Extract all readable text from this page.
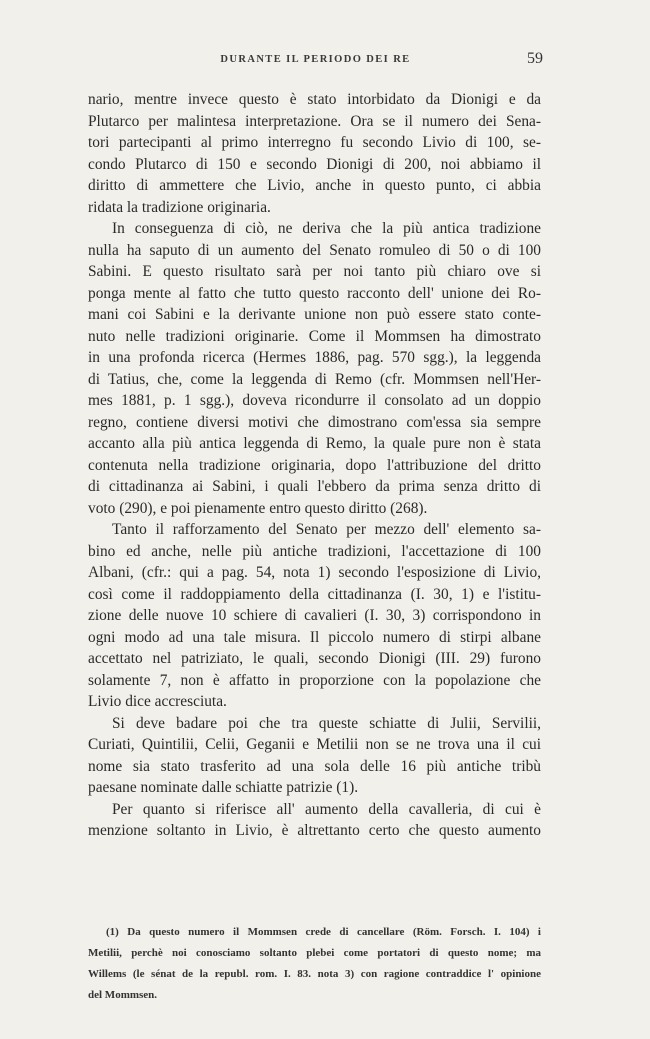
DURANTE IL PERIODO DEI RE	59
nario, mentre invece questo è stato intorbidato da Dionigi e da
Plutarco per malintesa interpretazione. Ora se il numero dei Sena-
tori partecipanti al primo interregno fu secondo Livio di 100, se-
condo Plutarco di 150 e secondo Dionigi di 200, noi abbiamo il
diritto di ammettere che Livio, anche in questo punto, ci abbia
ridata la tradizione originaria.
In conseguenza di ciò, ne deriva che la più antica tradizione
nulla ha saputo di un aumento del Senato romuleo di 50 o di 100
Sabini. E questo risultato sarà per noi tanto più chiaro ove si
ponga mente al fatto che tutto questo racconto dell' unione dei Ro-
mani coi Sabini e la derivante unione non può essere stato conte-
nuto nelle tradizioni originarie. Come il Mommsen ha dimostrato
in una profonda ricerca (Hermes 1886, pag. 570 sgg.), la leggenda
di Tatius, che, come la leggenda di Remo (cfr. Mommsen nell'Her-
mes 1881, p. 1 sgg.), doveva ricondurre il consolato ad un doppio
regno, contiene diversi motivi che dimostrano com'essa sia sempre
accanto alla più antica leggenda di Remo, la quale pure non è stata
contenuta nella tradizione originaria, dopo l'attribuzione del dritto
di cittadinanza ai Sabini, i quali l'ebbero da prima senza dritto di
voto (290), e poi pienamente entro questo diritto (268).
Tanto il rafforzamento del Senato per mezzo dell' elemento sa-
bino ed anche, nelle più antiche tradizioni, l'accettazione di 100
Albani, (cfr.: qui a pag. 54, nota 1) secondo l'esposizione di Livio,
così come il raddoppiamento della cittadinanza (I. 30, 1) e l'istitu-
zione delle nuove 10 schiere di cavalieri (I. 30, 3) corrispondono in
ogni modo ad una tale misura. Il piccolo numero di stirpi albane
accettato nel patriziato, le quali, secondo Dionigi (III. 29) furono
solamente 7, non è affatto in proporzione con la popolazione che
Livio dice accresciuta.
Si deve badare poi che tra queste schiatte di Julii, Servilii,
Curiati, Quintilii, Celii, Geganii e Metilii non se ne trova una il cui
nome sia stato trasferito ad una sola delle 16 più antiche tribù
paesane nominate dalle schiatte patrizie (1).
Per quanto si riferisce all' aumento della cavalleria, di cui è
menzione soltanto in Livio, è altrettanto certo che questo aumento
(1) Da questo numero il Mommsen crede di cancellare (Röm. Forsch. I. 104) i
Metilii, perchè noi conosciamo soltanto plebei come portatori di questo nome; ma
Willems (le sénat de la republ. rom. I. 83. nota 3) con ragione contraddice l' opinione
del Mommsen.
